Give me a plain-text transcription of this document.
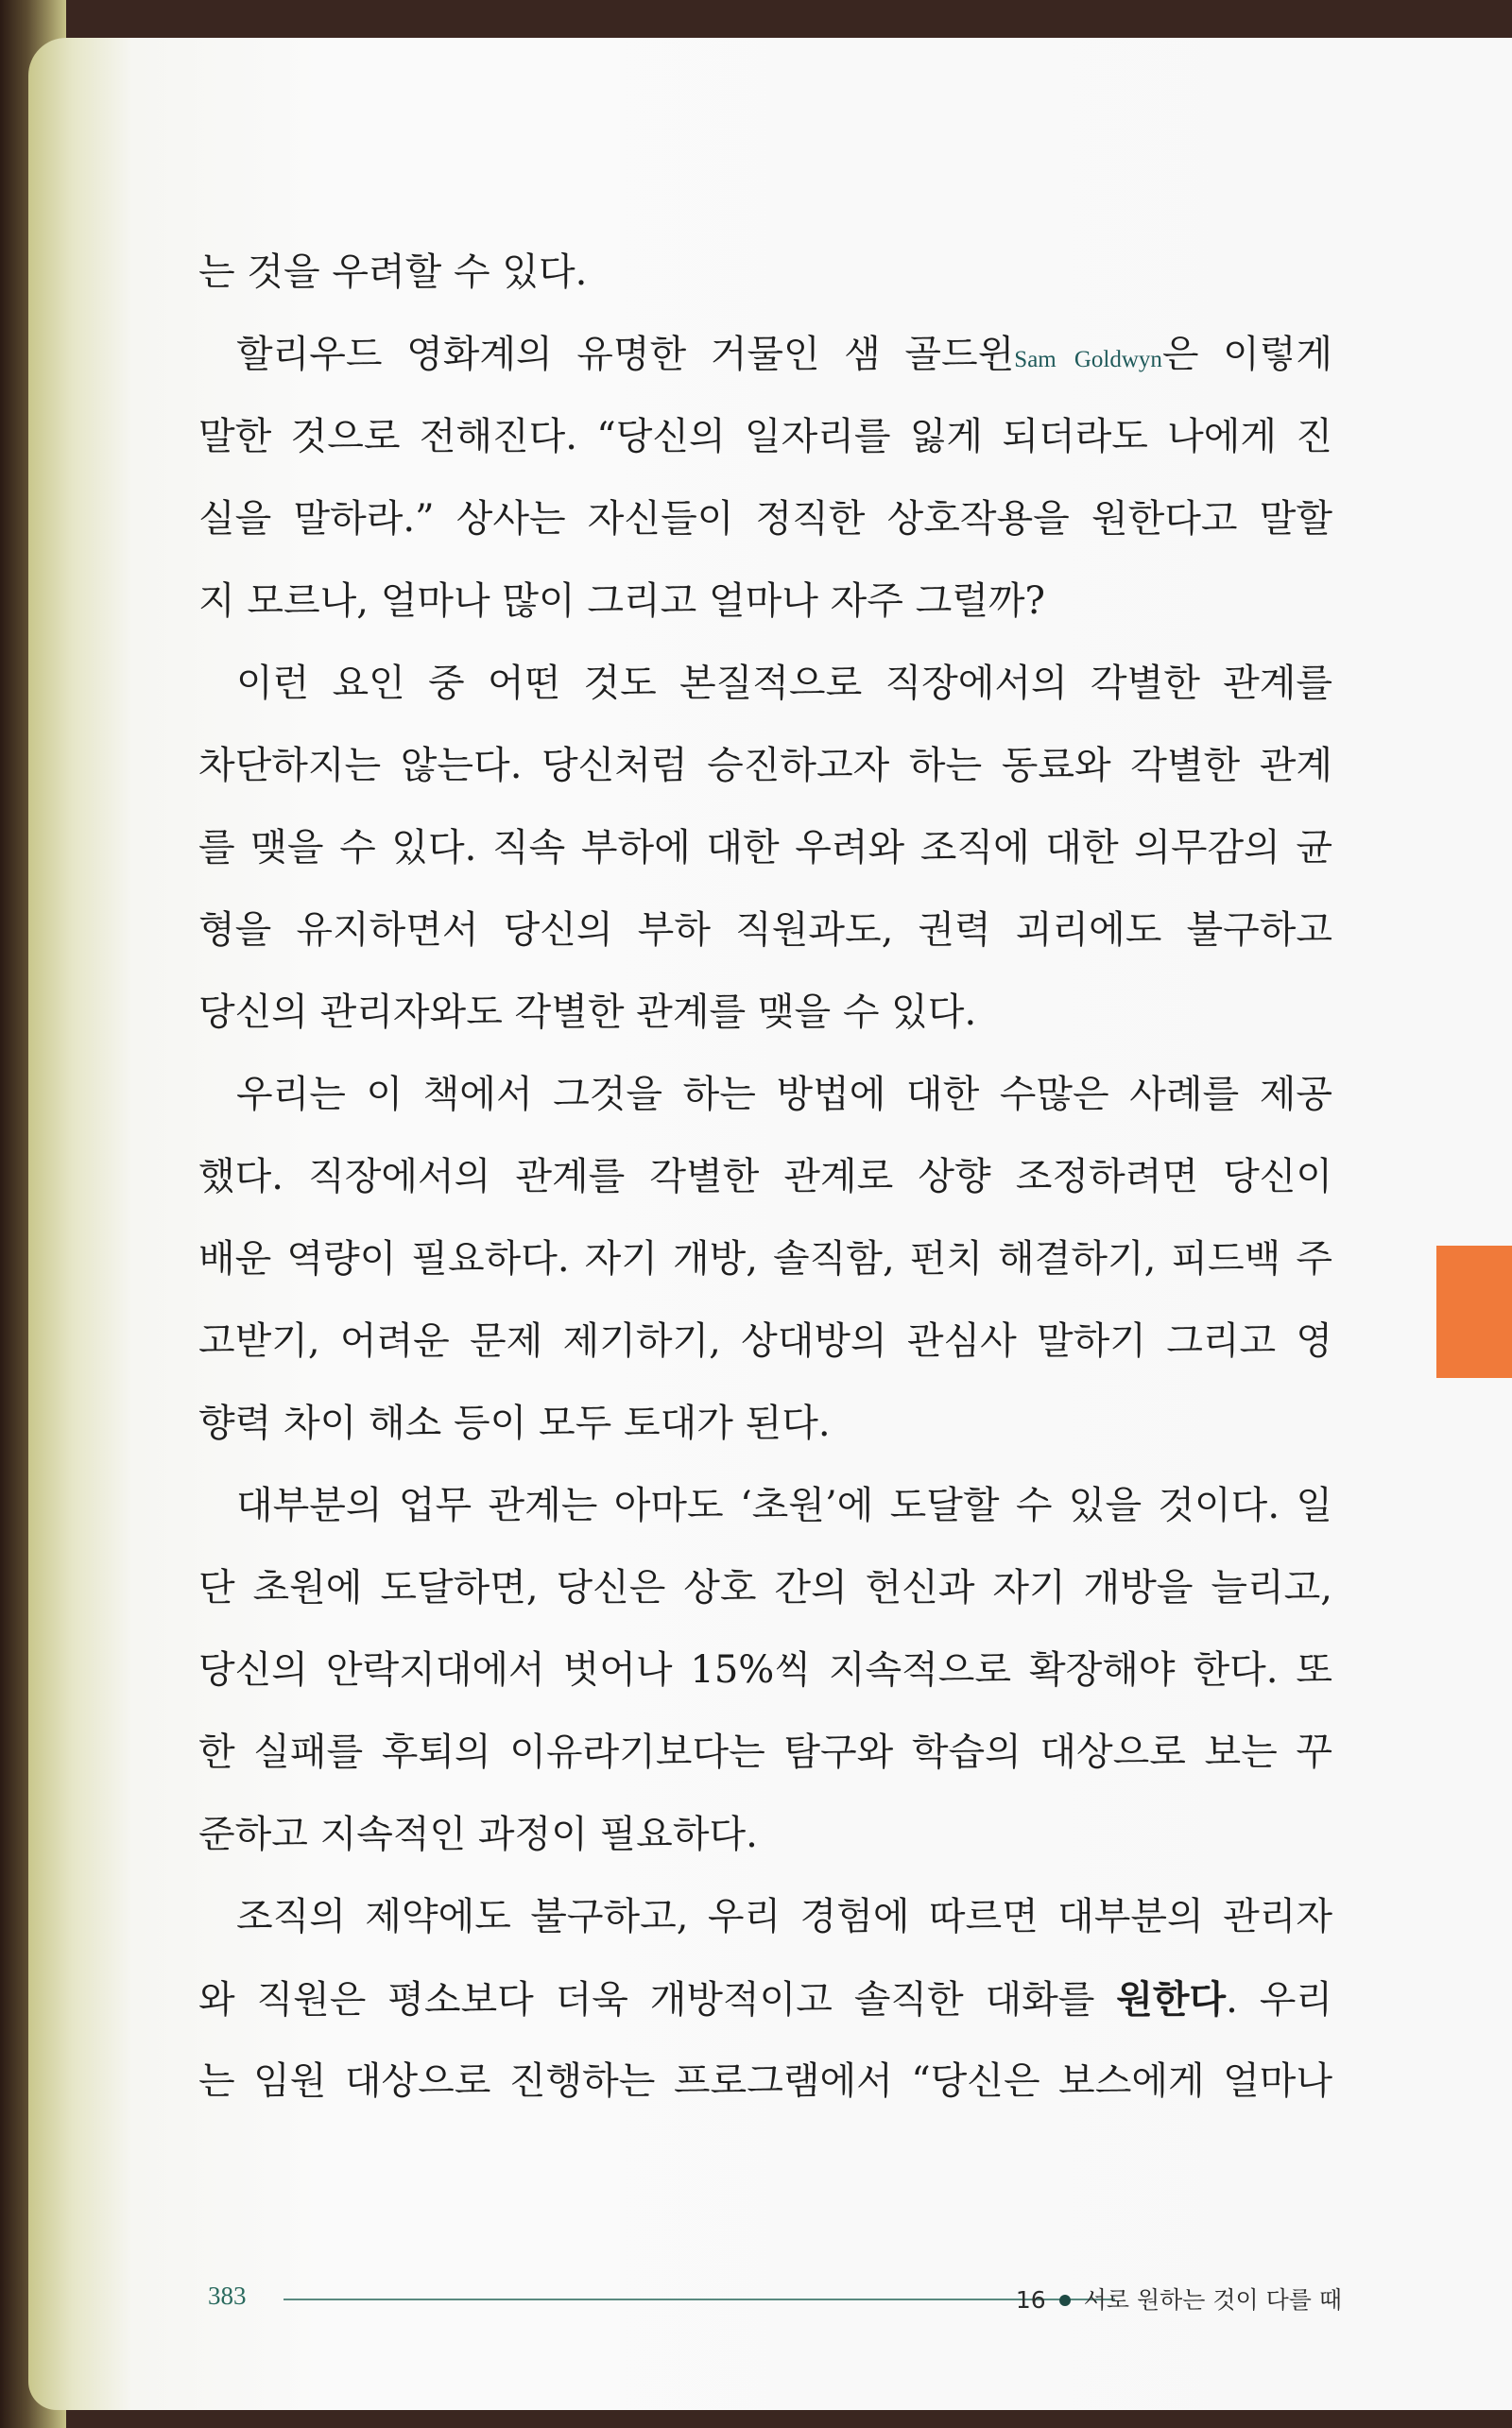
는 것을 우려할 수 있다.
할리우드 영화계의 유명한 거물인 샘 골드윈Sam Goldwyn은 이렇게
말한 것으로 전해진다. “당신의 일자리를 잃게 되더라도 나에게 진
실을 말하라.” 상사는 자신들이 정직한 상호작용을 원한다고 말할
지 모르나, 얼마나 많이 그리고 얼마나 자주 그럴까?
이런 요인 중 어떤 것도 본질적으로 직장에서의 각별한 관계를
차단하지는 않는다. 당신처럼 승진하고자 하는 동료와 각별한 관계
를 맺을 수 있다. 직속 부하에 대한 우려와 조직에 대한 의무감의 균
형을 유지하면서 당신의 부하 직원과도, 권력 괴리에도 불구하고
당신의 관리자와도 각별한 관계를 맺을 수 있다.
우리는 이 책에서 그것을 하는 방법에 대한 수많은 사례를 제공
했다. 직장에서의 관계를 각별한 관계로 상향 조정하려면 당신이
배운 역량이 필요하다. 자기 개방, 솔직함, 펀치 해결하기, 피드백 주
고받기, 어려운 문제 제기하기, 상대방의 관심사 말하기 그리고 영
향력 차이 해소 등이 모두 토대가 된다.
대부분의 업무 관계는 아마도 ‘초원’에 도달할 수 있을 것이다. 일
단 초원에 도달하면, 당신은 상호 간의 헌신과 자기 개방을 늘리고,
당신의 안락지대에서 벗어나 15%씩 지속적으로 확장해야 한다. 또
한 실패를 후퇴의 이유라기보다는 탐구와 학습의 대상으로 보는 꾸
준하고 지속적인 과정이 필요하다.
조직의 제약에도 불구하고, 우리 경험에 따르면 대부분의 관리자
와 직원은 평소보다 더욱 개방적이고 솔직한 대화를 원한다. 우리
는 임원 대상으로 진행하는 프로그램에서 “당신은 보스에게 얼마나
383	16 서로 원하는 것이 다를 때
